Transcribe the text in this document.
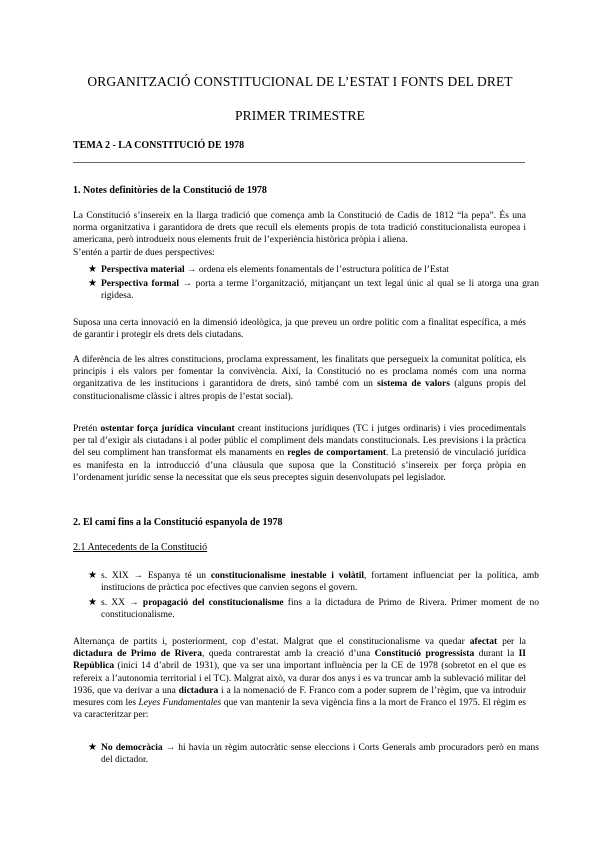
ORGANITZACIÓ CONSTITUCIONAL DE L’ESTAT I FONTS DEL DRET
PRIMER TRIMESTRE

TEMA 2 - LA CONSTITUCIÓ DE 1978

1. Notes definitòries de la Constitució de 1978

La Constitució s’insereix en la llarga tradició que comença amb la Constitució de Cadis de 1812 “la pepa”. És una norma organitzativa i garantidora de drets que recull els elements propis de tota tradició constitucionalista europea i americana, però introdueix nous elements fruit de l’experiència històrica pròpia i aliena.
S’entén a partir de dues perspectives:

★ Perspectiva material → ordena els elements fonamentals de l’estructura política de l’Estat
★ Perspectiva formal → porta a terme l’organització, mitjançant un text legal únic al qual se li atorga una gran rigidesa.

Suposa una certa innovació en la dimensió ideològica, ja que preveu un ordre polític com a finalitat específica, a més de garantir i protegir els drets dels ciutadans.

A diferència de les altres constitucions, proclama expressament, les finalitats que persegueix la comunitat política, els principis i els valors per fomentar la convivència. Així, la Constitució no es proclama només com una norma organitzativa de les institucions i garantidora de drets, sinó també com un sistema de valors (alguns propis del constitucionalisme clàssic i altres propis de l’estat social).

Pretén ostentar força jurídica vinculant creant institucions jurídiques (TC i jutges ordinaris) i vies procedimentals per tal d’exigir als ciutadans i al poder públic el compliment dels mandats constitucionals. Les previsions i la pràctica del seu compliment han transformat els manaments en regles de comportament. La pretensió de vinculació jurídica es manifesta en la introducció d’una clàusula que suposa que la Constitució s’insereix per força pròpia en l’ordenament jurídic sense la necessitat que els seus preceptes siguin desenvolupats pel legislador.

2. El camí fins a la Constitució espanyola de 1978

2.1 Antecedents de la Constitució

★ s. XIX → Espanya té un constitucionalisme inestable i volàtil, fortament influenciat per la política, amb institucions de pràctica poc efectives que canvien segons el govern.
★ s. XX → propagació del constitucionalisme fins a la dictadura de Primo de Rivera. Primer moment de no constitucionalisme.

Alternança de partits i, posteriorment, cop d’estat. Malgrat que el constitucionalisme va quedar afectat per la dictadura de Primo de Rivera, queda contrarestat amb la creació d’una Constitució progressista durant la II República (inici 14 d’abril de 1931), que va ser una important influència per la CE de 1978 (sobretot en el que es refereix a l’autonomia territorial i el TC). Malgrat això, va durar dos anys i es va truncar amb la sublevació militar del 1936, que va derivar a una dictadura i a la nomenació de F. Franco com a poder suprem de l’règim, que va introduir mesures com les Leyes Fundamentales que van mantenir la seva vigència fins a la mort de Franco el 1975. El règim es va caracteritzar per:

★ No democràcia → hi havia un règim autocràtic sense eleccions i Corts Generals amb procuradors però en mans del dictador.
